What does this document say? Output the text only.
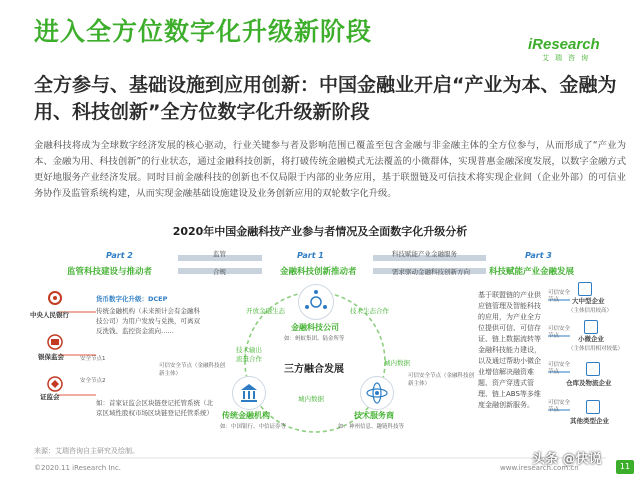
进入全方位数字化升级新阶段	iResearch
艾瑞咨询
全方参与、基础设施到应用创新：中国金融业开启“产业为本、金融为用、科技创新”全方位数字化升级新阶段
金融科技将成为全球数字经济发展的核心驱动，行业关键参与者及影响范围已覆盖至包含金融与非金融主体的全方位参与，从而形成了“产业为本、金融为用、科技创新”的行业状态，通过金融科技创新，将打破传统金融模式无法覆盖的小微群体，实现普惠金融深度发展，以数字金融方式更好地服务产业经济发展。同时目前金融科技的创新也不仅局限于内部的业务应用，基于联盟链及可信技术将实现企业间（企业外部）的可信业务协作及监管系统构建，从而实现金融基础设施建设及业务创新应用的双轮数字化升级。
2020年中国金融科技产业参与者情况及全面数字化升级分析
Part 2
监管科技建设与推动者
Part 1
金融科技创新推动者
Part 3
科技赋能产业金融发展
监管
合规
科技赋能产业金融服务
需求驱动金融科技创新方向
中央人民银行
银保监会
证监会
货币数字化升级：DCEP
传统金融机构（未来预计会有金融科技公司）为用户发放与兑换，可离双反洗钱、监控资金流向……
安全节点1
安全节点2
如：首家证监会区块链登记托管系统（北京区域性股权市场区块链登记托管系统）
金融科技公司
如：蚂蚁集团、陆金所等
三方融合发展
传统金融机构
如：中国银行、中信证券等
技术服务商
如：神州信息、趣链科技等
开放金融生态	技术生态合作
技术输出流量合作	城内数据
城内数据
可信安全节点（金融科技创新主体）	可信安全节点（金融科技创新主体）
基于联盟链的产业供应链管理及智能科技的应用，为产业全方位提供可信、可信存证、链上数据流转等金融科技能力建设，以及通过帮助小微企业增信解决融资难题、资产穿透式管理、链上ABS等多维度金融创新服务。
可信安全节点
可信安全节点
可信安全节点
可信安全节点
大中型企业
（主体信用较高）
小微企业
（主体信用相对较低）
仓库及物流企业
其他类型企业
来源：艾瑞咨询自主研究及绘制。
©2020.11 iResearch Inc.	www.iresearch.com.cn
头条 @快说	11
